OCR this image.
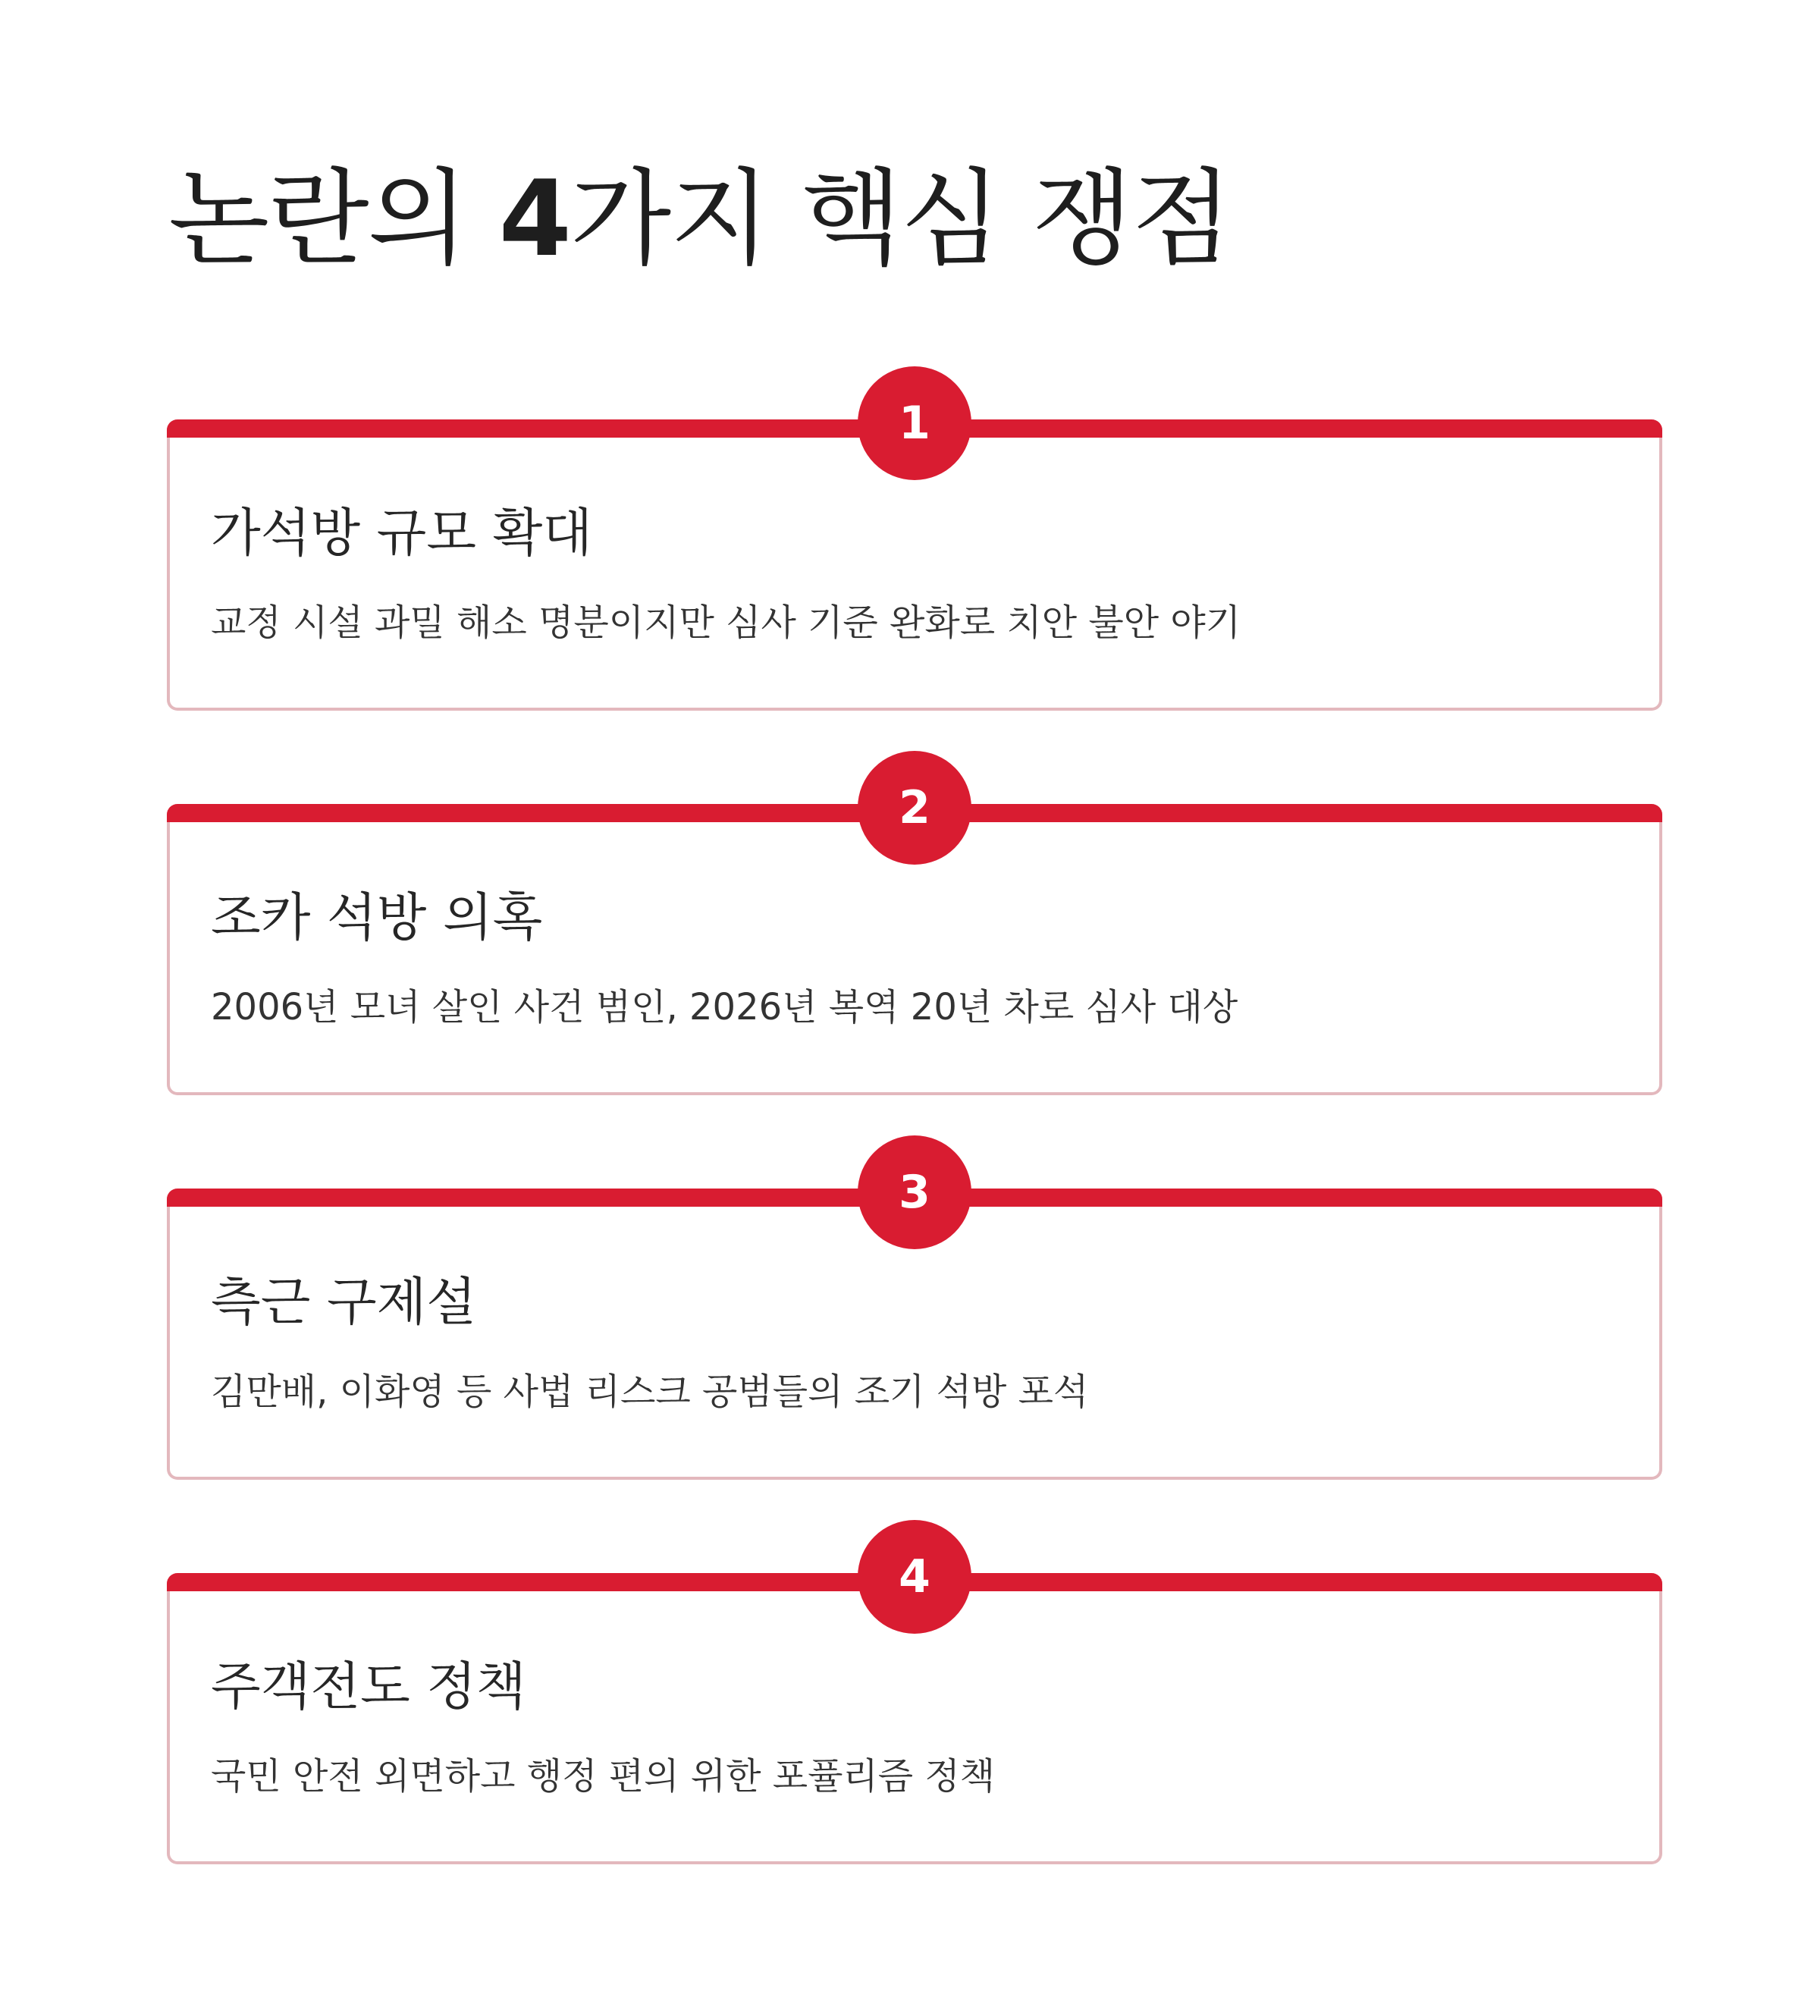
논란의 4가지 핵심 쟁점
1
가석방 규모 확대

교정 시설 과밀 해소 명분이지만 심사 기준 완화로 치안 불안 야기

2
조카 석방 의혹

2006년 모녀 살인 사건 범인, 2026년 복역 20년 차로 심사 대상

3
측근 구제설

김만배, 이화영 등 사법 리스크 공범들의 조기 석방 포석

4
주객전도 정책

국민 안전 외면하고 행정 편의 위한 포퓰리즘 정책
